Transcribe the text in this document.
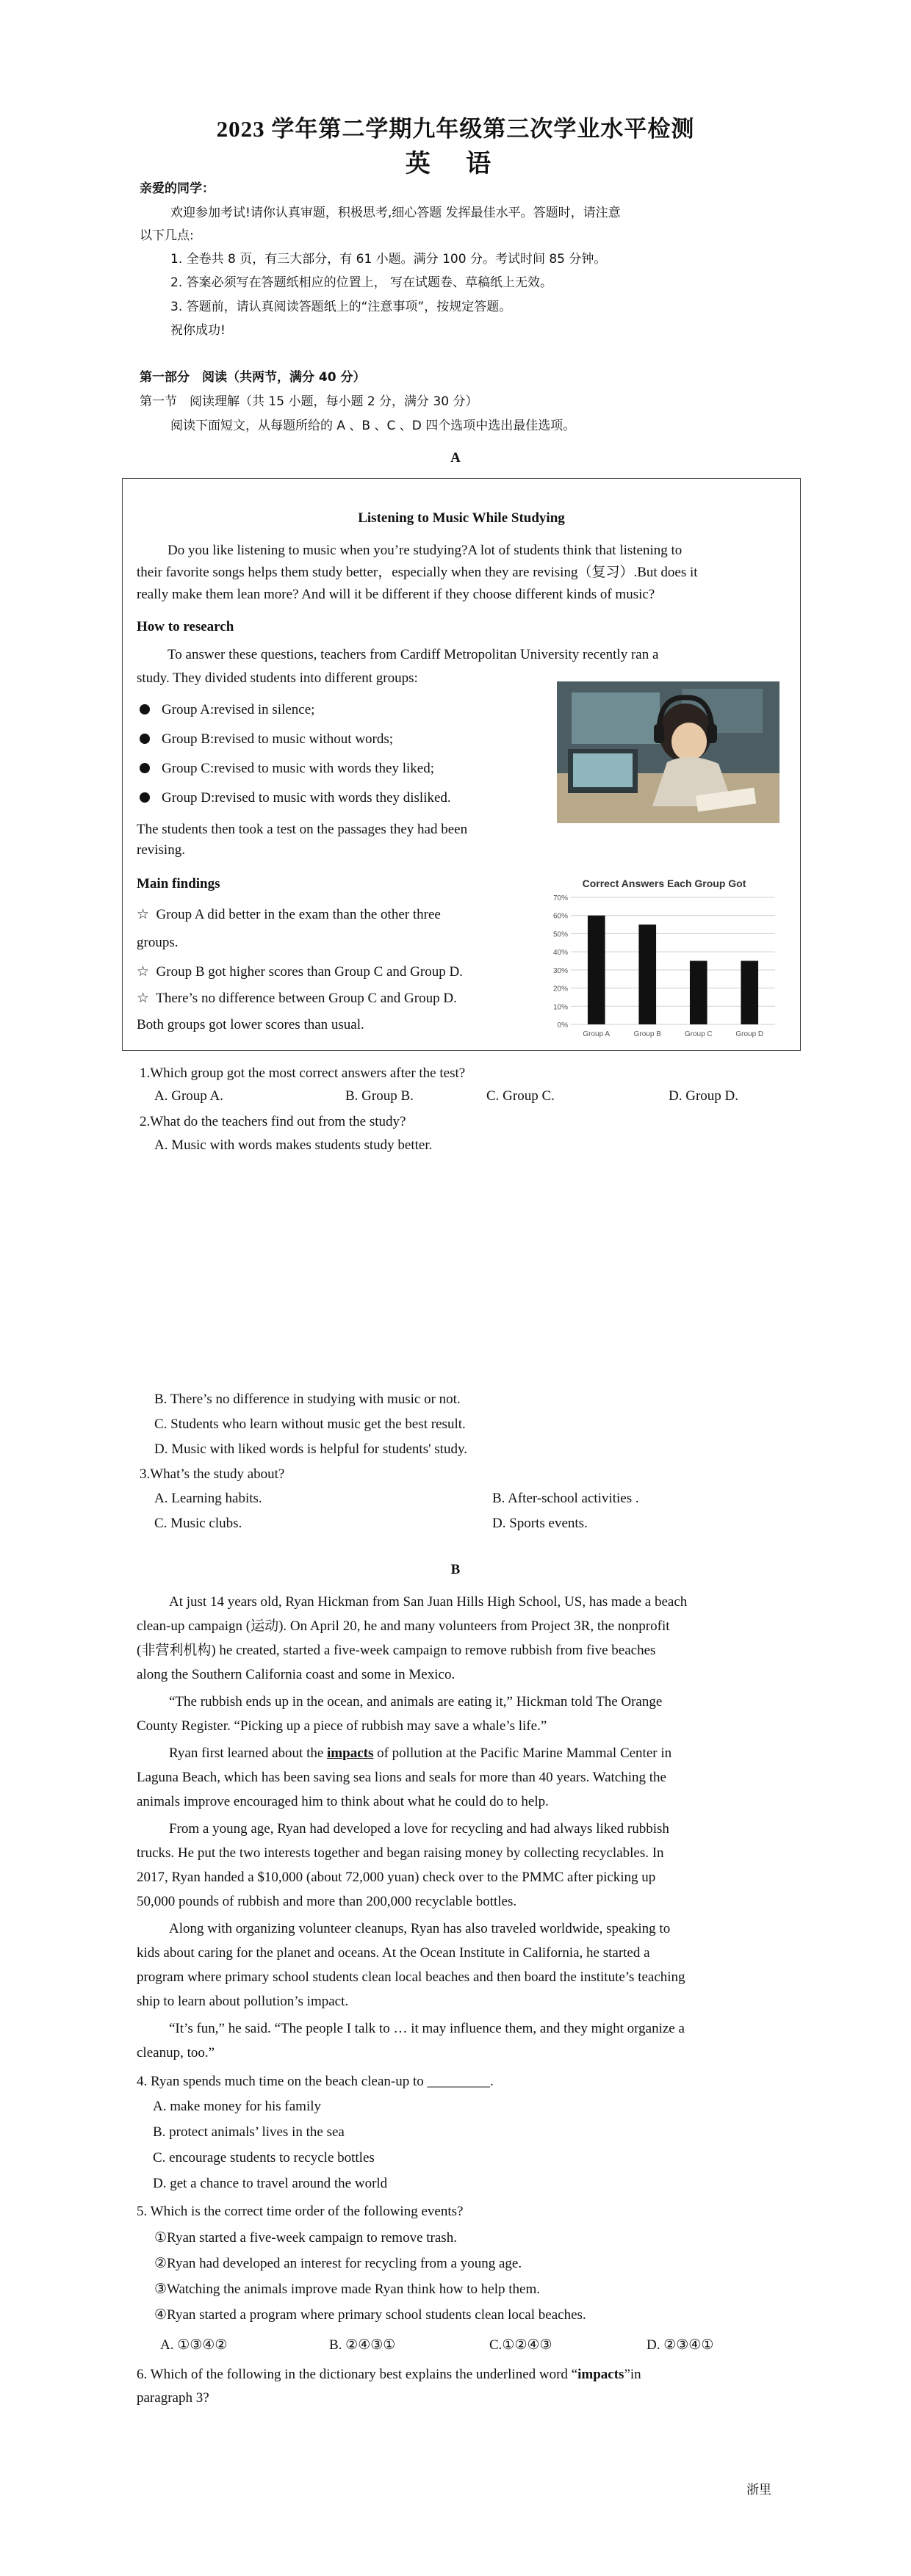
2023 学年第二学期九年级第三次学业水平检测
英 语
亲爱的同学：
欢迎参加考试!请你认真审题，积极思考,细心答题 发挥最佳水平。答题时，请注意
以下几点:
1. 全卷共 8 页，有三大部分，有 61 小题。满分 100 分。考试时间 85 分钟。
2. 答案必须写在答题纸相应的位置上， 写在试题卷、草稿纸上无效。
3. 答题前，请认真阅读答题纸上的“注意事项”，按规定答题。
祝你成功!
第一部分　阅读（共两节，满分 40 分）
第一节　阅读理解（共 15 小题，每小题 2 分，满分 30 分）
阅读下面短文，从每题所给的 A 、B 、C 、D 四个选项中选出最佳选项。
A
Listening to Music While Studying
Do you like listening to music when you’re studying?A lot of students think that listening to
their favorite songs helps them study better，especially when they are revising（复习）.But does it
really make them lean more? And will it be different if they choose different kinds of music?
How to research
To answer these questions, teachers from Cardiff Metropolitan University recently ran a
study. They divided students into different groups:
Group A:revised in silence;
Group B:revised to music without words;
Group C:revised to music with words they liked;
Group D:revised to music with words they disliked.
The students then took a test on the passages they had been
revising.
Main findings
☆ Group A did better in the exam than the other three
groups.
☆ Group B got higher scores than Group C and Group D.
☆ There’s no difference between Group C and Group D.
Both groups got lower scores than usual.
Correct Answers Each Group Got
0%
10%
20%
30%
40%
50%
60%
70%
Group A	Group B	Group C	Group D
1.Which group got the most correct answers after the test?
A. Group A.	B. Group B.	C. Group C.	D. Group D.
2.What do the teachers find out from the study?
A. Music with words makes students study better.
B. There’s no difference in studying with music or not.
C. Students who learn without music get the best result.
D. Music with liked words is helpful for students' study.
3.What’s the study about?
A. Learning habits.	B. After-school activities .
C. Music clubs.	D. Sports events.
B
At just 14 years old, Ryan Hickman from San Juan Hills High School, US, has made a beach
clean-up campaign (运动). On April 20, he and many volunteers from Project 3R, the nonprofit
(非营利机构) he created, started a five-week campaign to remove rubbish from five beaches
along the Southern California coast and some in Mexico.
“The rubbish ends up in the ocean, and animals are eating it,” Hickman told The Orange
County Register. “Picking up a piece of rubbish may save a whale’s life.”
Ryan first learned about the impacts of pollution at the Pacific Marine Mammal Center in
Laguna Beach, which has been saving sea lions and seals for more than 40 years. Watching the
animals improve encouraged him to think about what he could do to help.
From a young age, Ryan had developed a love for recycling and had always liked rubbish
trucks. He put the two interests together and began raising money by collecting recyclables. In
2017, Ryan handed a $10,000 (about 72,000 yuan) check over to the PMMC after picking up
50,000 pounds of rubbish and more than 200,000 recyclable bottles.
Along with organizing volunteer cleanups, Ryan has also traveled worldwide, speaking to
kids about caring for the planet and oceans. At the Ocean Institute in California, he started a
program where primary school students clean local beaches and then board the institute’s teaching
ship to learn about pollution’s impact.
“It’s fun,” he said. “The people I talk to … it may influence them, and they might organize a
cleanup, too.”
4. Ryan spends much time on the beach clean-up to _________.
A. make money for his family
B. protect animals’ lives in the sea
C. encourage students to recycle bottles
D. get a chance to travel around the world
5. Which is the correct time order of the following events?
①Ryan started a five-week campaign to remove trash.
②Ryan had developed an interest for recycling from a young age.
③Watching the animals improve made Ryan think how to help them.
④Ryan started a program where primary school students clean local beaches.
A. ①③④②	B. ②④③①	C.①②④③	D. ②③④①
6. Which of the following in the dictionary best explains the underlined word “impacts”in
paragraph 3?
浙里
